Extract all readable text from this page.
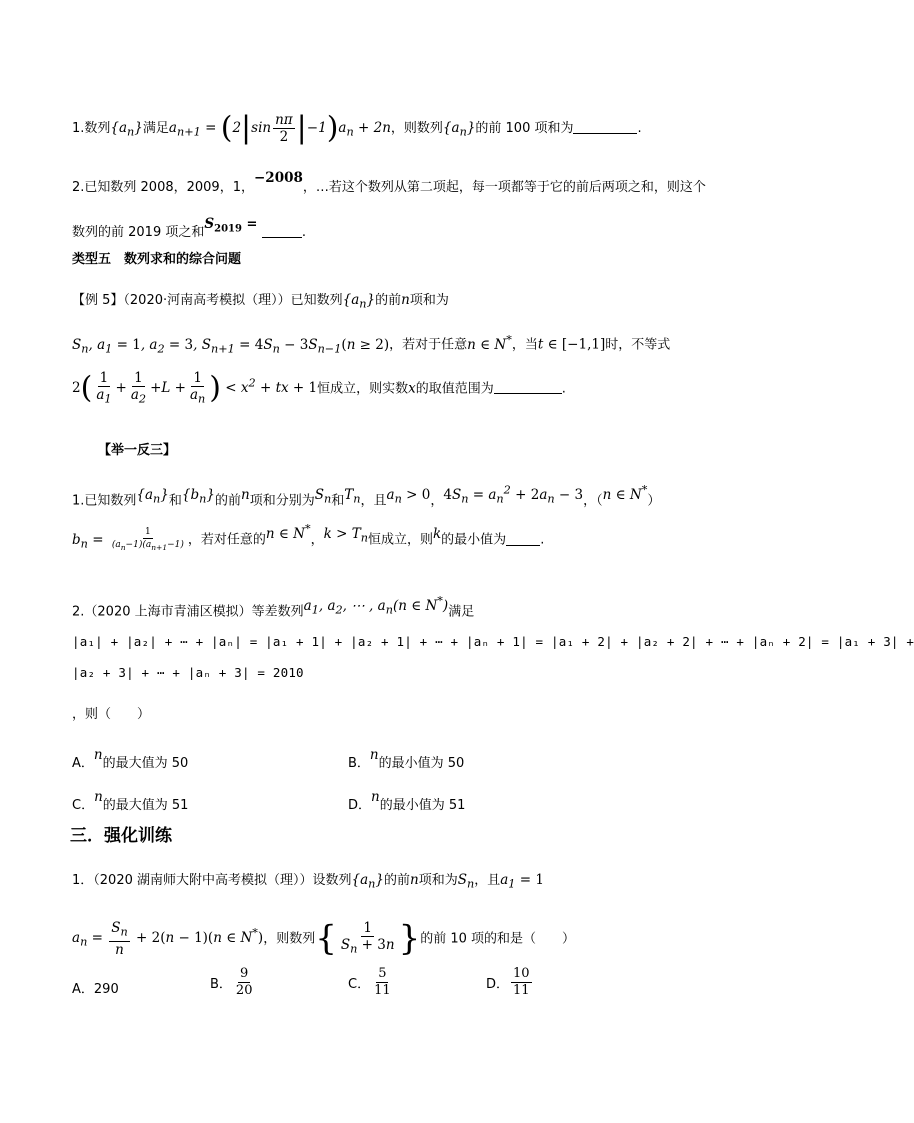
1.数列$\{a_n\}$满足$a_{n+1} = (2|\sin \frac{n\pi}{2} |-1)a_n + 2n$，则数列$\{a_n\}$的前 100 项和为	.
2.已知数列 2008，2009，1，−2008，…若这个数列从第二项起，每一项都等于它的前后两项之和，则这个
数列的前 2019 项之和$S_{2019}$ = .
类型五　数列求和的综合问题
【例 5】（2020·河南高考模拟（理））已知数列$\{a_n\}$的前n项和为
$S_n$, $a_1 = 1$, $a_2 = 3$, $S_{n+1} = 4S_n - 3S_{n-1}(n \ge 2)$，若对于任意n ∈ N*，当t ∈ [−1,1]时，不等式
$2( \frac{1}{a_1} + \frac{1}{a_2} +L + \frac{1}{a_n}$ ) < $x^2$ + tx + 1恒成立，则实数x的取值范围为	.
【举一反三】
1.已知数列$\{a_n\}$和$\{b_n\}$的前n项和分别为$S_n$和$T_n$，且$a_n > 0$，$4S_n = a_n^2 + 2a_n - 3$，（n ∈ N*）
$b_n = \frac{1}{(a_n-1)(a_{n+1}-1)}$ ，若对任意的n ∈ N*，$k > T_n$恒成立，则k的最小值为	.
2.（2020 上海市青浦区模拟）等差数列$a_1$, $a_2$, ⋯ , $a_n(n$ ∈ N*)满足
|a₁| + |a₂| + ⋯ + |aₙ| = |a₁ + 1| + |a₂ + 1| + ⋯ + |aₙ + 1| = |a₁ + 2| + |a₂ + 2| + ⋯ + |aₙ + 2| = |a₁ + 3| +
|a₂ + 3| + ⋯ + |aₙ + 3| = 2010
，则（　　）
A．n的最大值为 50	B．n的最小值为 50
C．n的最大值为 51	D．n的最小值为 51
三．强化训练
1．（2020 湖南师大附中高考模拟（理））设数列$\{a_n\}$的前n项和为$S_n$，且$a_1 = 1$
$a_n = \frac{S_n}{n} + 2(n - 1)(n$ ∈ N*)，则数列{ $\frac{1}{S_n + 3n}$ }的前 10 项的和是（　　）
A．290	B． $\frac{9}{20}$	C． $\frac{5}{11}$	D． $\frac{10}{11}$
